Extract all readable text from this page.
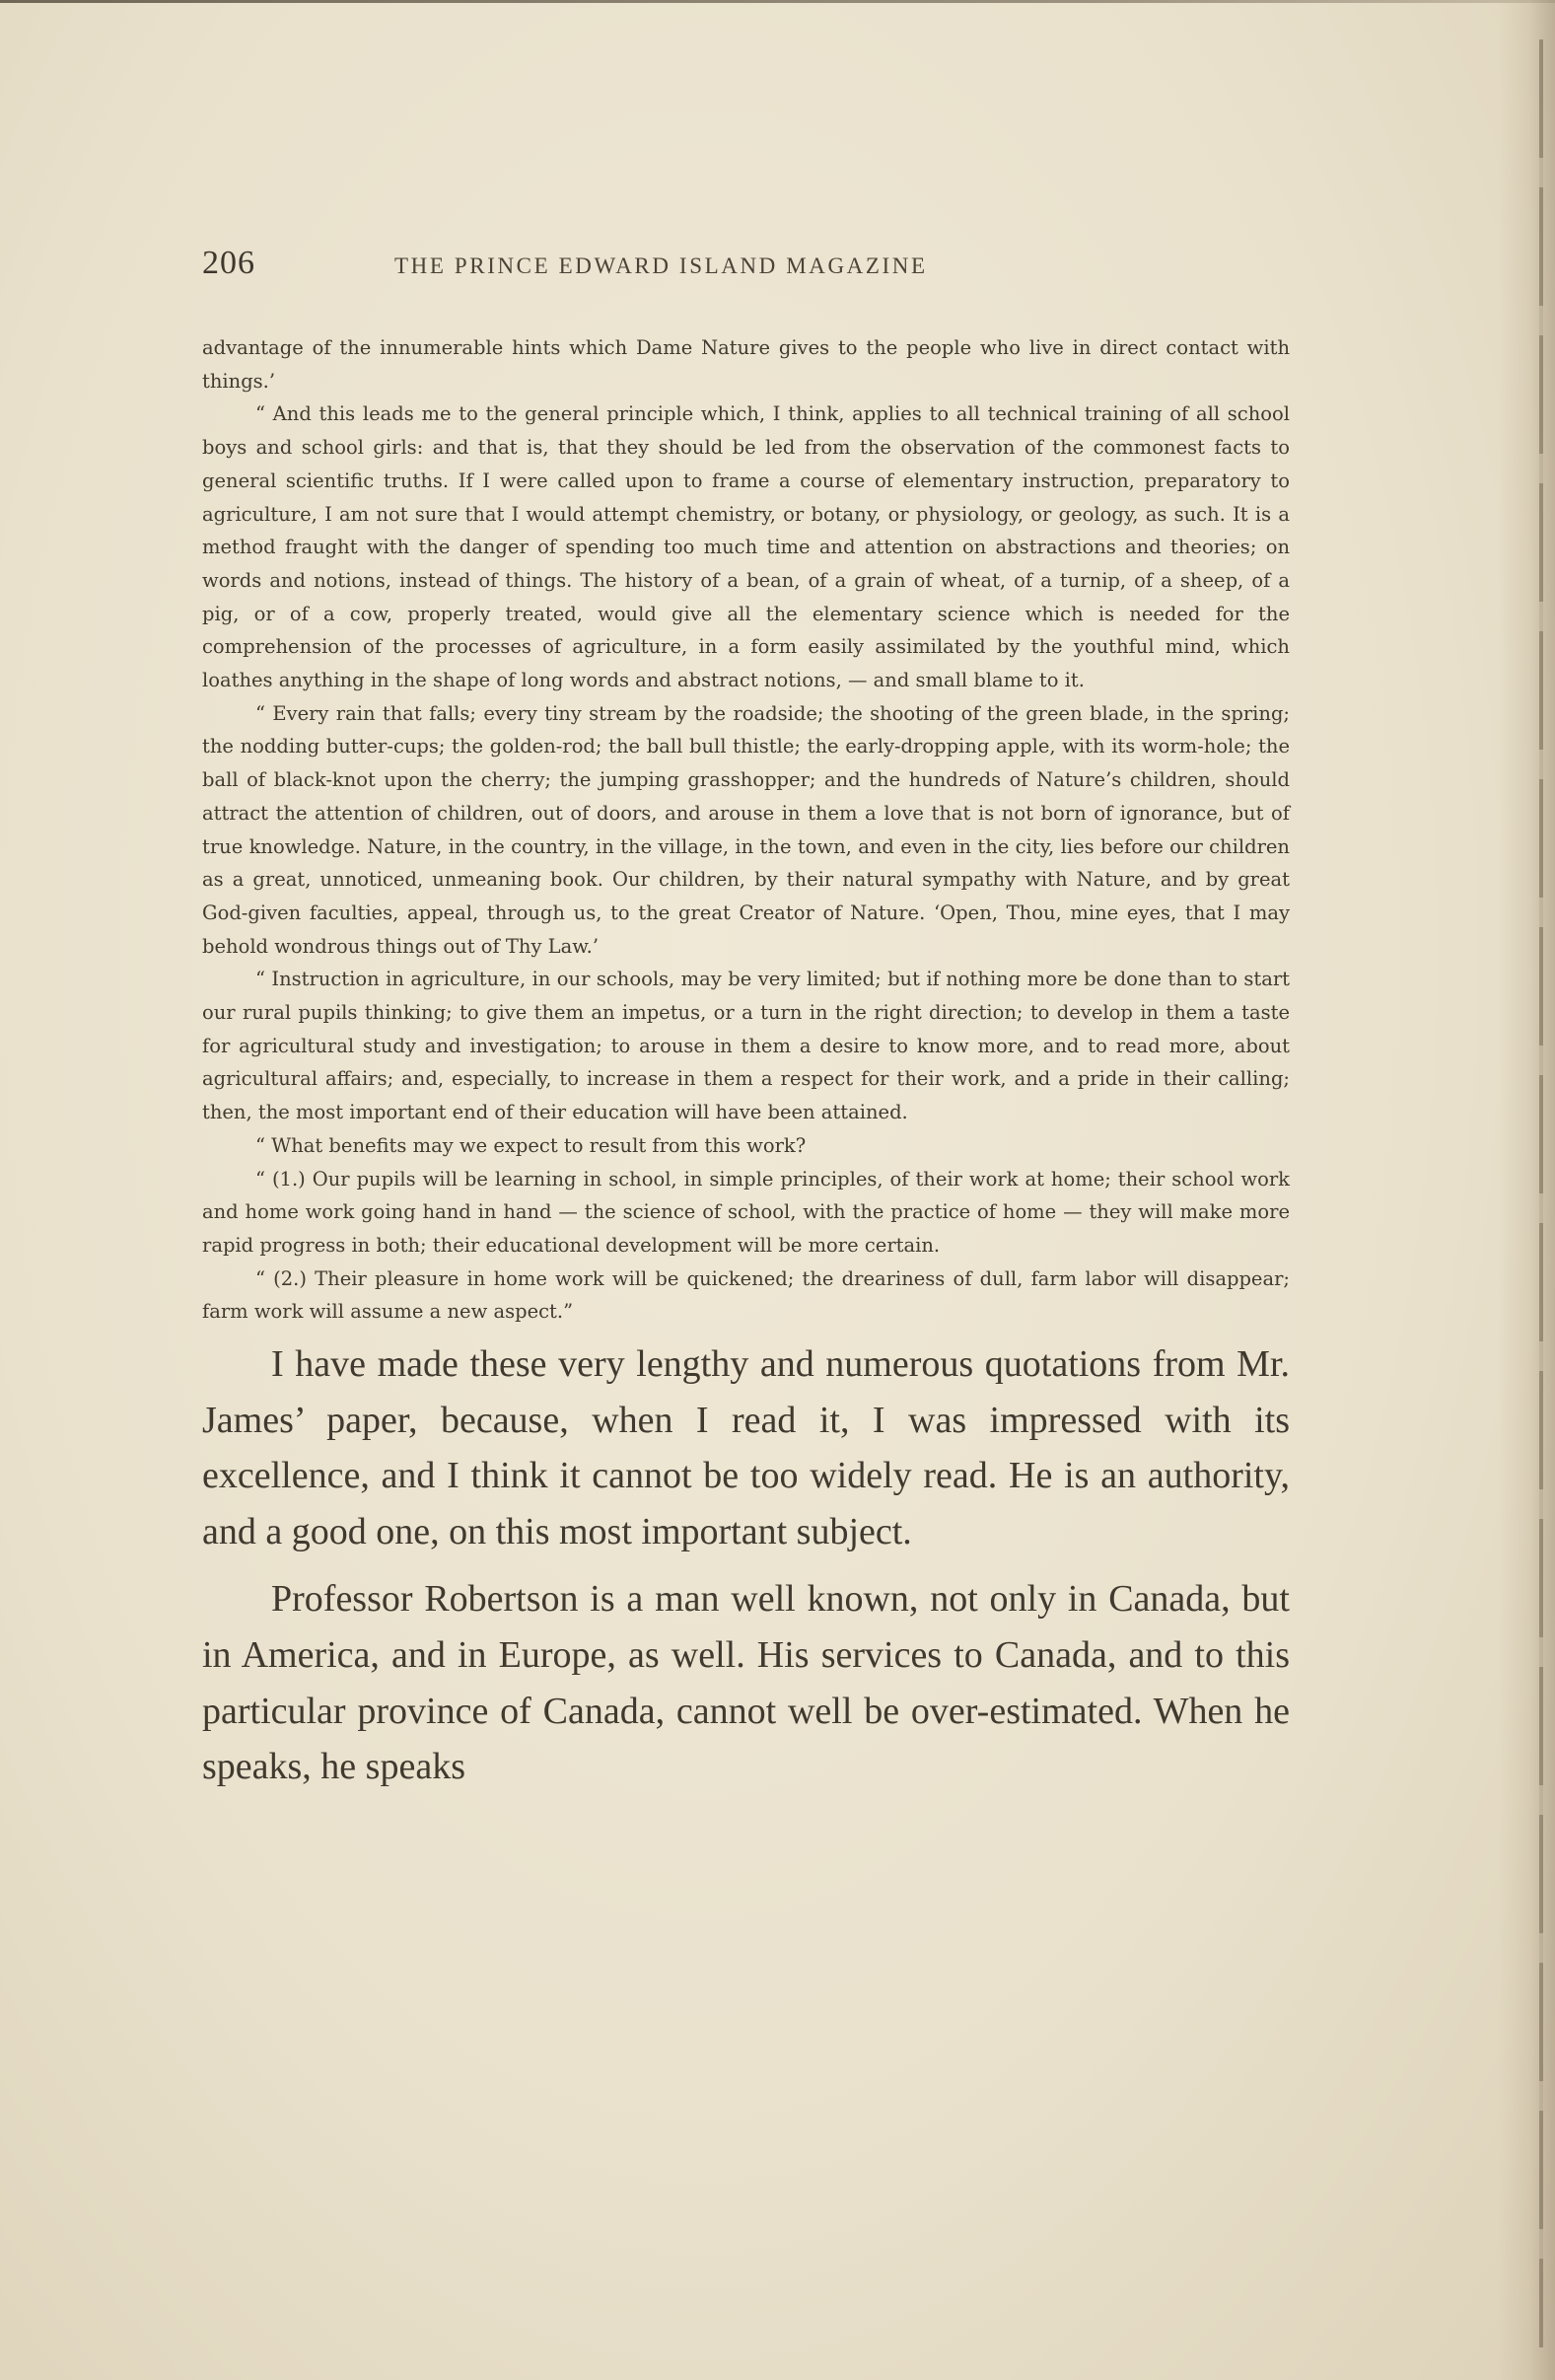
206	THE PRINCE EDWARD ISLAND MAGAZINE

advantage of the innumerable hints which Dame Nature gives to the people who live in direct contact with things.’

“ And this leads me to the general principle which, I think, applies to all technical training of all school boys and school girls: and that is, that they should be led from the observation of the commonest facts to general scientific truths. If I were called upon to frame a course of elementary instruction, preparatory to agriculture, I am not sure that I would attempt chemistry, or botany, or physiology, or geology, as such. It is a method fraught with the danger of spending too much time and attention on abstractions and theories; on words and notions, instead of things. The history of a bean, of a grain of wheat, of a turnip, of a sheep, of a pig, or of a cow, properly treated, would give all the elementary science which is needed for the comprehension of the processes of agriculture, in a form easily assimilated by the youthful mind, which loathes anything in the shape of long words and abstract notions, — and small blame to it.

“ Every rain that falls; every tiny stream by the roadside; the shooting of the green blade, in the spring; the nodding butter-cups; the golden-rod; the ball bull thistle; the early-dropping apple, with its worm-hole; the ball of black-knot upon the cherry; the jumping grasshopper; and the hundreds of Nature’s children, should attract the attention of children, out of doors, and arouse in them a love that is not born of ignorance, but of true knowledge. Nature, in the country, in the village, in the town, and even in the city, lies before our children as a great, unnoticed, unmeaning book. Our children, by their natural sympathy with Nature, and by great God-given faculties, appeal, through us, to the great Creator of Nature. ‘Open, Thou, mine eyes, that I may behold wondrous things out of Thy Law.’

“ Instruction in agriculture, in our schools, may be very limited; but if nothing more be done than to start our rural pupils thinking; to give them an impetus, or a turn in the right direction; to develop in them a taste for agricultural study and investigation; to arouse in them a desire to know more, and to read more, about agricultural affairs; and, especially, to increase in them a respect for their work, and a pride in their calling; then, the most important end of their education will have been attained.

“ What benefits may we expect to result from this work?

“ (1.) Our pupils will be learning in school, in simple principles, of their work at home; their school work and home work going hand in hand — the science of school, with the practice of home — they will make more rapid progress in both; their educational development will be more certain.

“ (2.) Their pleasure in home work will be quickened; the dreariness of dull, farm labor will disappear; farm work will assume a new aspect.”

I have made these very lengthy and numerous quotations from Mr. James’ paper, because, when I read it, I was impressed with its excellence, and I think it cannot be too widely read. He is an authority, and a good one, on this most important subject.

Professor Robertson is a man well known, not only in Canada, but in America, and in Europe, as well. His services to Canada, and to this particular province of Canada, cannot well be over-estimated. When he speaks, he speaks
